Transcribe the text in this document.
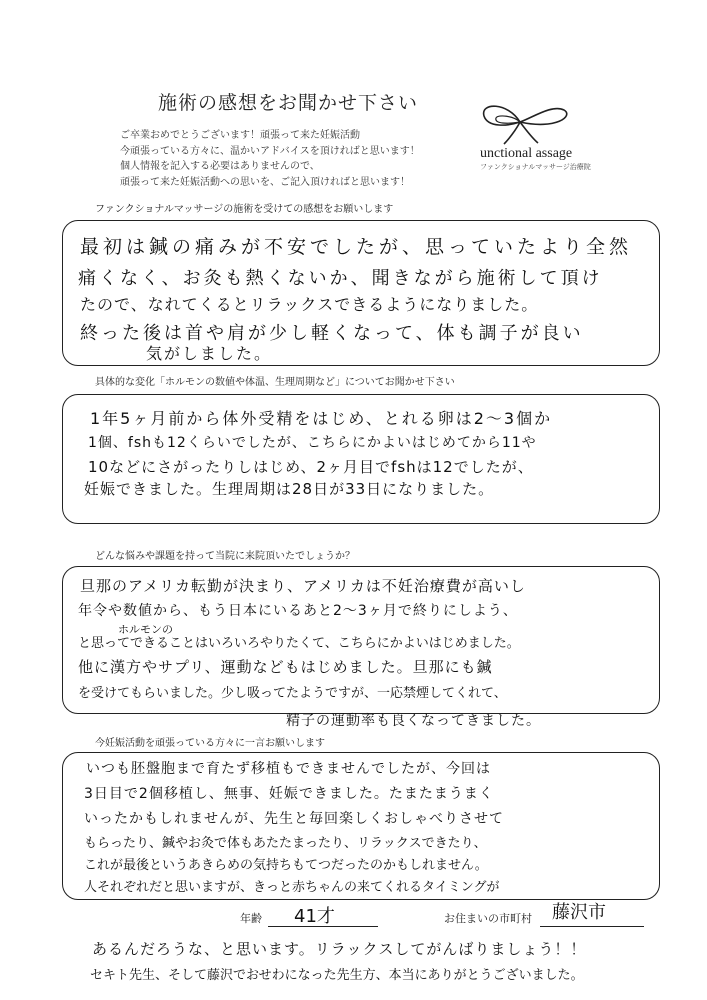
施術の感想をお聞かせ下さい
ご卒業おめでとうございます！頑張って来た妊娠活動
今頑張っている方々に、温かいアドバイスを頂ければと思います！
個人情報を記入する必要はありませんので、
頑張って来た妊娠活動への思いを、ご記入頂ければと思います！
unctional assage
ファンクショナルマッサージ治療院
ファンクショナルマッサージの施術を受けての感想をお願いします
最初は鍼の痛みが不安でしたが、思っていたより全然
痛くなく、お灸も熱くないか、聞きながら施術して頂け
たので、なれてくるとリラックスできるようになりました。
終った後は首や肩が少し軽くなって、体も調子が良い
気がしました。
具体的な変化「ホルモンの数値や体温、生理周期など」についてお聞かせ下さい
1年5ヶ月前から体外受精をはじめ、とれる卵は2～3個か
1個、fshも12くらいでしたが、こちらにかよいはじめてから11や
10などにさがったりしはじめ、2ヶ月目でfshは12でしたが、
妊娠できました。生理周期は28日が33日になりました。
どんな悩みや課題を持って当院に来院頂いたでしょうか？
旦那のアメリカ転勤が決まり、アメリカは不妊治療費が高いし
年令や数値から、もう日本にいるあと2～3ヶ月で終りにしよう、
ホルモンの
と思ってできることはいろいろやりたくて、こちらにかよいはじめました。
他に漢方やサプリ、運動などもはじめました。旦那にも鍼
を受けてもらいました。少し吸ってたようですが、一応禁煙してくれて、
精子の運動率も良くなってきました。
今妊娠活動を頑張っている方々に一言お願いします
いつも胚盤胞まで育たず移植もできませんでしたが、今回は
3日目で2個移植し、無事、妊娠できました。たまたまうまく
いったかもしれませんが、先生と毎回楽しくおしゃべりさせて
もらったり、鍼やお灸で体もあたたまったり、リラックスできたり、
これが最後というあきらめの気持ちもてつだったのかもしれません。
人それぞれだと思いますが、きっと赤ちゃんの来てくれるタイミングが
年齢 41才	お住まいの市町村 藤沢市
あるんだろうな、と思います。リラックスしてがんばりましょう！！
セキト先生、そして藤沢でおせわになった先生方、本当にありがとうございました。
